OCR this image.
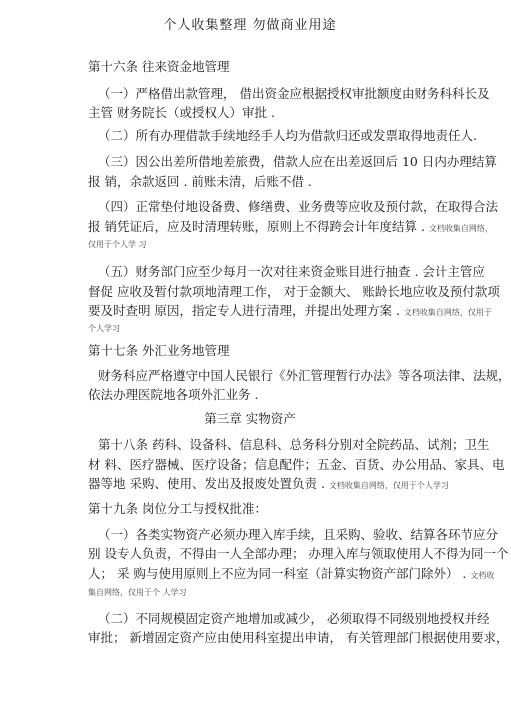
个人收集整理 勿做商业用途
第十六条 往来资金地管理
（一）严格借出款管理， 借出资金应根据授权审批额度由财务科科长及
主管 财务院长（或授权人）审批 .
（二）所有办理借款手续地经手人均为借款归还或发票取得地责任人.
（三）因公出差所借地差旅费，借款人应在出差返回后 10 日内办理结算
报 销，余款返回 . 前账未清，后账不借 .
（四）正常垫付地设备费、修缮费、业务费等应收及预付款，在取得合法
报 销凭证后，应及时清理转账，原则上不得跨会计年度结算 . 文档收集自网络，
仅用于个人学 习
（五）财务部门应至少每月一次对往来资金账目进行抽查 . 会计主管应
督促 应收及暂付款项地清理工作， 对于金额大、 账龄长地应收及预付款项
要及时查明 原因，指定专人进行清理，并提出处理方案 . 文档收集自网络，仅用于
个人学习
第十七条 外汇业务地管理
财务科应严格遵守中国人民银行《外汇管理暂行办法》等各项法律、法规，
依法办理医院地各项外汇业务 .
第三章 实物资产
第十八条 药科、设备科、信息科、总务科分别对全院药品、试剂；卫生
材 料、医疗器械、医疗设备；信息配件；五金、百货、办公用品、家具、电
器等地 采购、使用、发出及报废处置负责 . 文档收集自网络，仅用于个人学习
第十九条 岗位分工与授权批准：
（一）各类实物资产必须办理入库手续，且采购、验收、结算各环节应分
别 设专人负责，不得由一人全部办理； 办理入库与领取使用人不得为同一个
人； 采 购与使用原则上不应为同一科室（計算实物资产部门除外） . 文档收
集自网络，仅用于个 人学习
（二）不同规模固定资产地增加或减少， 必须取得不同级别地授权并经
审批； 新增固定资产应由使用科室提出申请， 有关管理部门根据使用要求，
